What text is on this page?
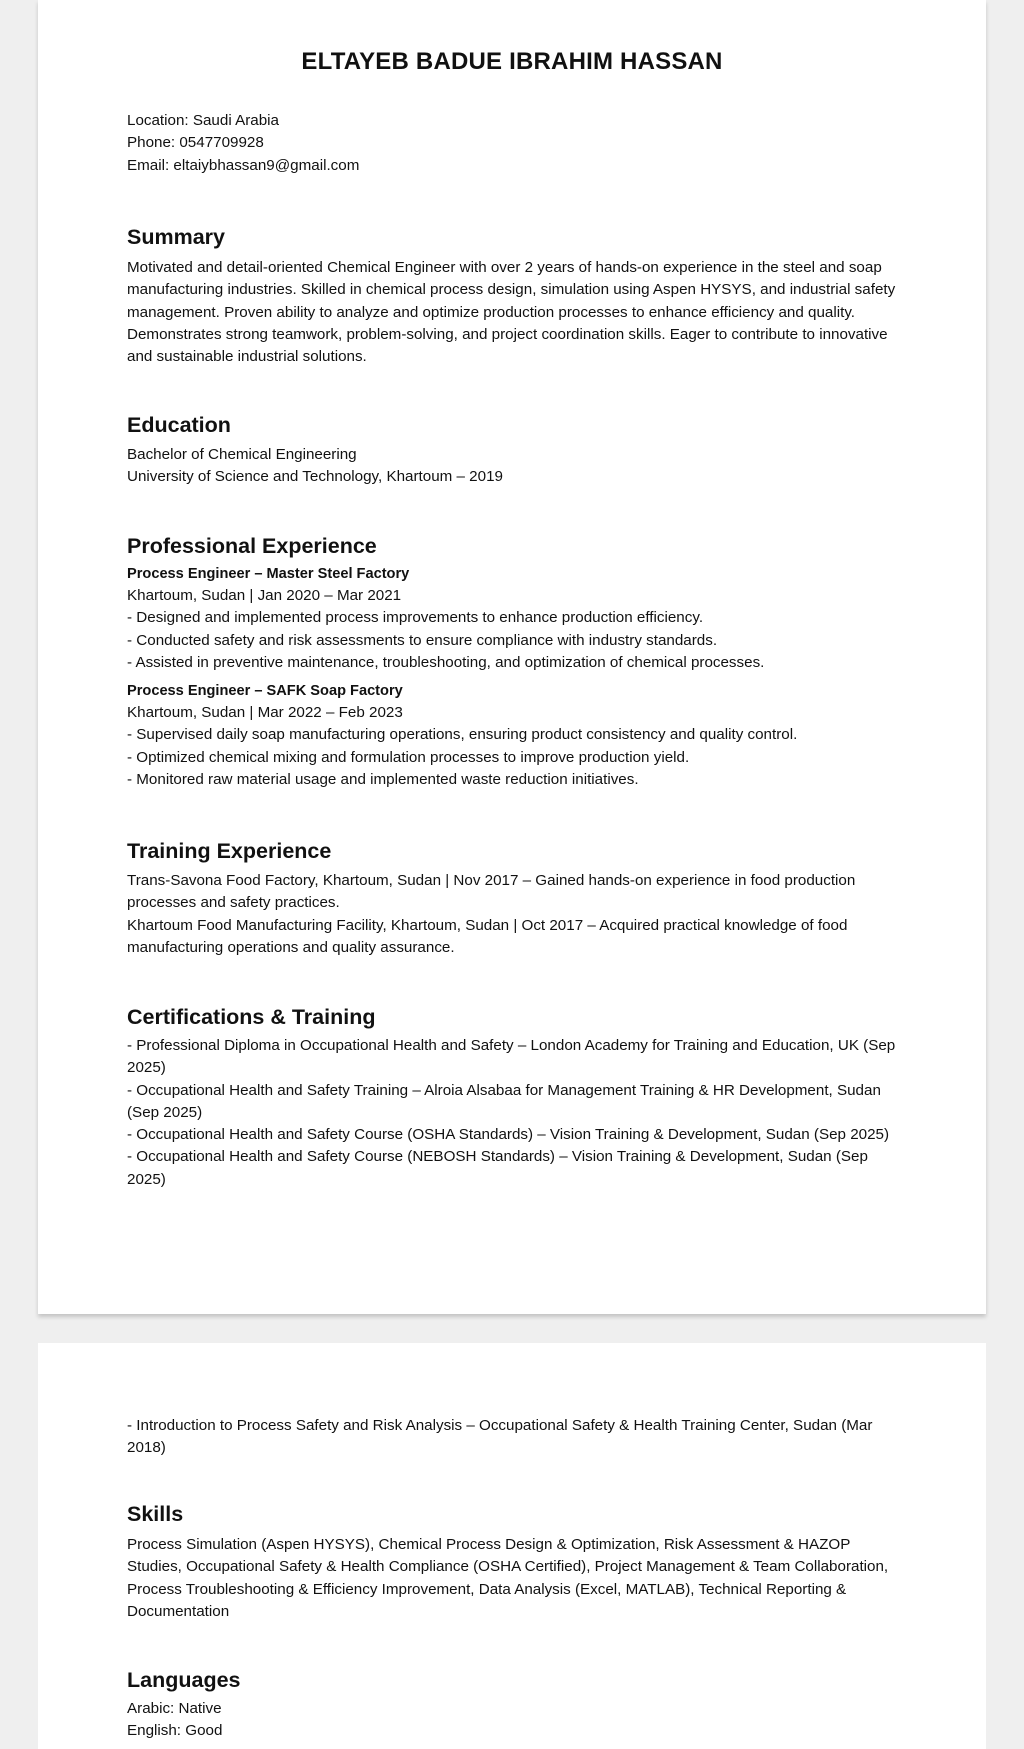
ELTAYEB BADUE IBRAHIM HASSAN
Location: Saudi Arabia
Phone: 0547709928
Email: eltaiybhassan9@gmail.com
Summary

Motivated and detail-oriented Chemical Engineer with over 2 years of hands-on experience in the steel and soap manufacturing industries. Skilled in chemical process design, simulation using Aspen HYSYS, and industrial safety management. Proven ability to analyze and optimize production processes to enhance efficiency and quality. Demonstrates strong teamwork, problem-solving, and project coordination skills. Eager to contribute to innovative and sustainable industrial solutions.

Education
Bachelor of Chemical Engineering
University of Science and Technology, Khartoum – 2019
Professional Experience
Process Engineer – Master Steel Factory
Khartoum, Sudan | Jan 2020 – Mar 2021
- Designed and implemented process improvements to enhance production efficiency.
- Conducted safety and risk assessments to ensure compliance with industry standards.
- Assisted in preventive maintenance, troubleshooting, and optimization of chemical processes.
Process Engineer – SAFK Soap Factory
Khartoum, Sudan | Mar 2022 – Feb 2023
- Supervised daily soap manufacturing operations, ensuring product consistency and quality control.
- Optimized chemical mixing and formulation processes to improve production yield.
- Monitored raw material usage and implemented waste reduction initiatives.
Training Experience
Trans-Savona Food Factory, Khartoum, Sudan | Nov 2017 – Gained hands-on experience in food production processes and safety practices.
Khartoum Food Manufacturing Facility, Khartoum, Sudan | Oct 2017 – Acquired practical knowledge of food manufacturing operations and quality assurance.
Certifications & Training
- Professional Diploma in Occupational Health and Safety – London Academy for Training and Education, UK (Sep 2025)
- Occupational Health and Safety Training – Alroia Alsabaa for Management Training & HR Development, Sudan (Sep 2025)
- Occupational Health and Safety Course (OSHA Standards) – Vision Training & Development, Sudan (Sep 2025)
- Occupational Health and Safety Course (NEBOSH Standards) – Vision Training & Development, Sudan (Sep 2025)
- Introduction to Process Safety and Risk Analysis – Occupational Safety & Health Training Center, Sudan (Mar 2018)
Skills

Process Simulation (Aspen HYSYS), Chemical Process Design & Optimization, Risk Assessment & HAZOP Studies, Occupational Safety & Health Compliance (OSHA Certified), Project Management & Team Collaboration, Process Troubleshooting & Efficiency Improvement, Data Analysis (Excel, MATLAB), Technical Reporting & Documentation

Languages
Arabic: Native
English: Good
